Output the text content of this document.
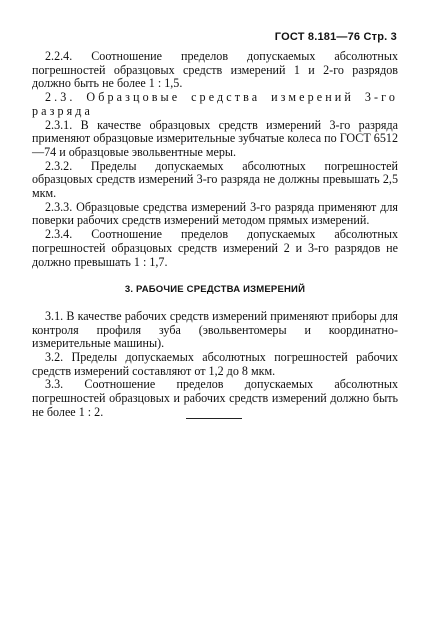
ГОСТ 8.181—76 Стр. 3

2.2.4. Соотношение пределов допускаемых абсолютных погрешностей образцовых средств измерений 1 и 2-го разрядов должно быть не более 1 : 1,5.

2.3. Образцовые средства измерений 3-го разряда

2.3.1. В качестве образцовых средств измерений 3-го разряда применяют образцовые измерительные зубчатые колеса по ГОСТ 6512—74 и образцовые эвольвентные меры.

2.3.2. Пределы допускаемых абсолютных погрешностей образцовых средств измерений 3-го разряда не должны превышать 2,5 мкм.

2.3.3. Образцовые средства измерений 3-го разряда применяют для поверки рабочих средств измерений методом прямых измерений.

2.3.4. Соотношение пределов допускаемых абсолютных погрешностей образцовых средств измерений 2 и 3-го разрядов не должно превышать 1 : 1,7.

3. РАБОЧИЕ СРЕДСТВА ИЗМЕРЕНИЙ

3.1. В качестве рабочих средств измерений применяют приборы для контроля профиля зуба (эвольвентомеры и координатно-измерительные машины).

3.2. Пределы допускаемых абсолютных погрешностей рабочих средств измерений составляют от 1,2 до 8 мкм.

3.3. Соотношение пределов допускаемых абсолютных погрешностей образцовых и рабочих средств измерений должно быть не более 1 : 2.
